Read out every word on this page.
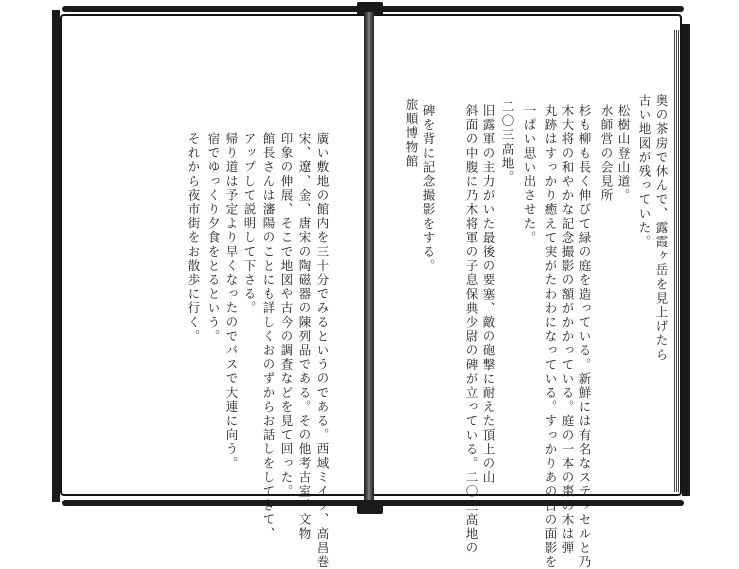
奥の茶房で休んで、露霞ヶ岳を見上げたら
古い地図が残っていた。
松樹山登山道。
水師営の会見所
杉も柳も長く伸びて緑の庭を造っている。新鮮には有名なステッセルと乃
木大将の和やかな記念撮影の額がかかっている。庭の一本の棗の木は弾
丸跡はすっかり癒えて実がたわわになっている。すっかりあの日の面影を
一ぱい思い出させた。
二〇三高地。
旧露軍の主力がいた最後の要塞、敵の砲撃に耐えた頂上の山
斜面の中腹に乃木将軍の子息保典少尉の碑が立っている。二〇三高地の
碑を背に記念撮影をする。
旅順博物館
廣い敷地の館内を三十分でみるというのである。西域ミイラ、高昌巻
宋、遼、金、唐宋の陶磁器の陳列品である。その他考古室、文物
印象の伸展、そこで地図や古今の調査などを見て回った。
館長さんは瀋陽のことにも詳しくおのずからお話しをしてきて、
アップして説明して下さる。
帰り道は予定より早くなったのでバスで大連に向う。
宿でゆっくり夕食をとるという。
それから夜市街をお散歩に行く。
